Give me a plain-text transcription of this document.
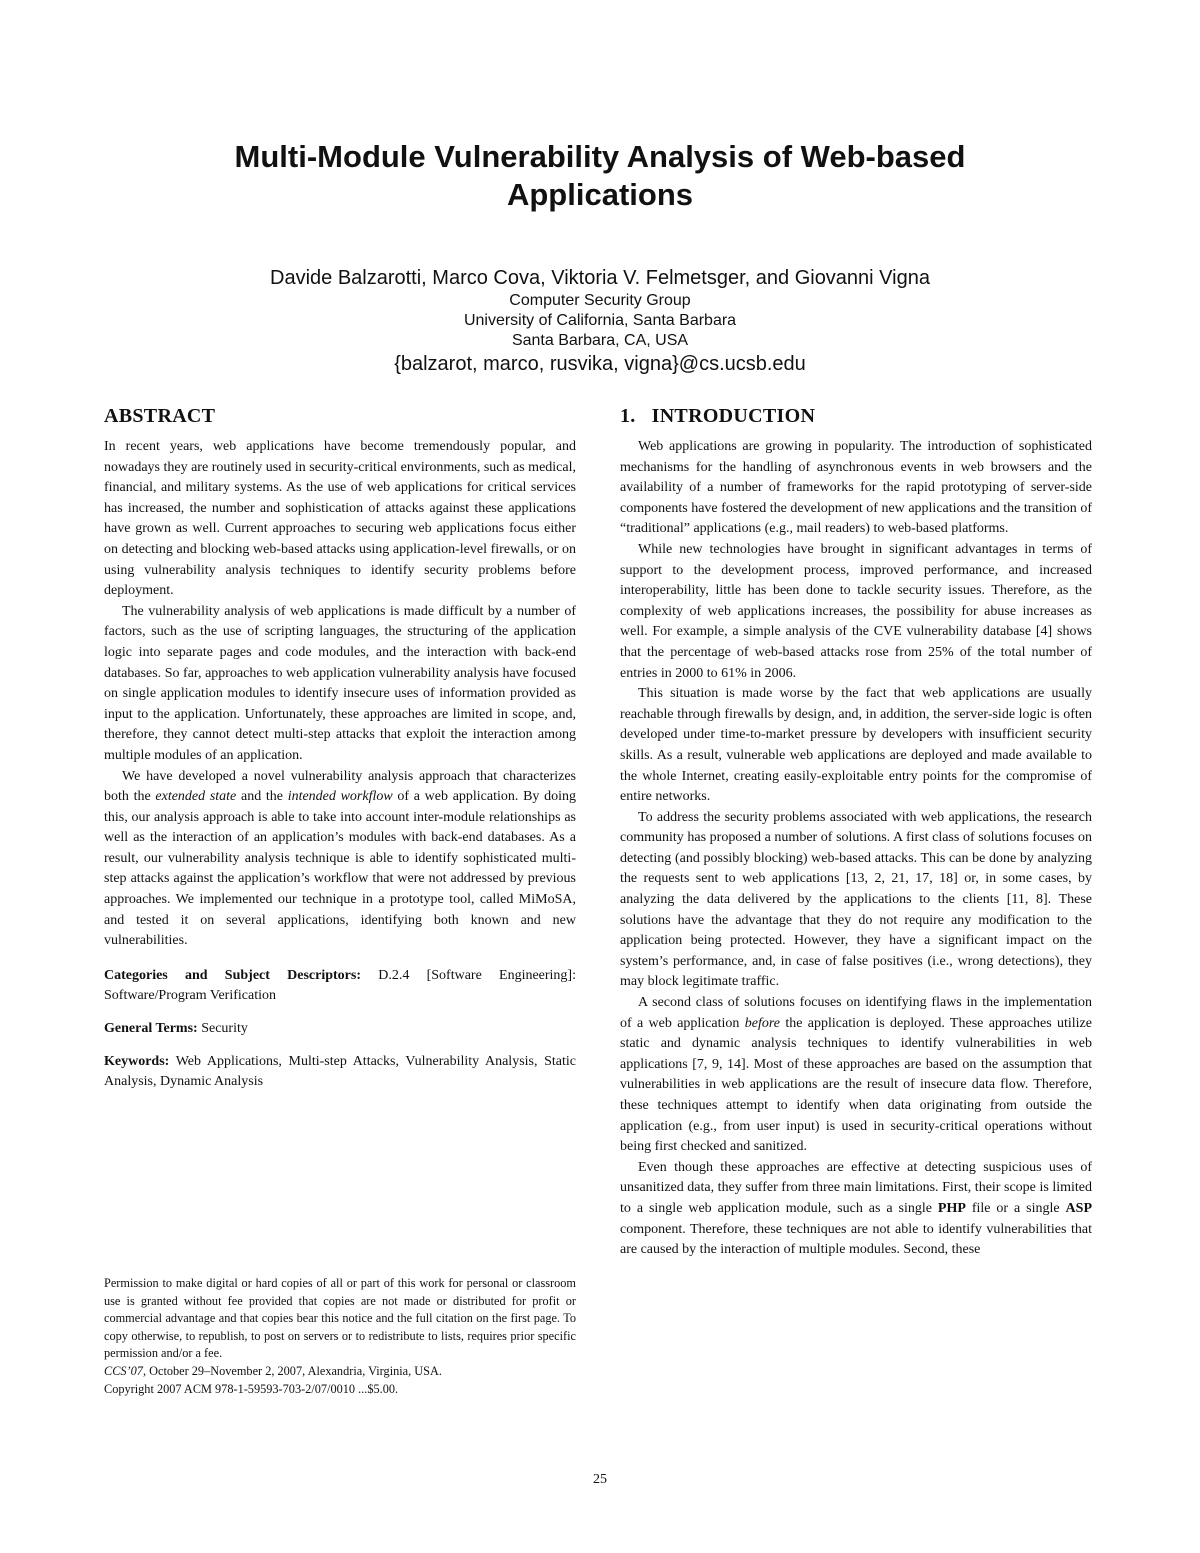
Multi-Module Vulnerability Analysis of Web-based
Applications
Davide Balzarotti, Marco Cova, Viktoria V. Felmetsger, and Giovanni Vigna
Computer Security Group
University of California, Santa Barbara
Santa Barbara, CA, USA
{balzarot, marco, rusvika, vigna}@cs.ucsb.edu
ABSTRACT

In recent years, web applications have become tremendously popular, and nowadays they are routinely used in security-critical environments, such as medical, financial, and military systems. As the use of web applications for critical services has increased, the number and sophistication of attacks against these applications have grown as well. Current approaches to securing web applications focus either on detecting and blocking web-based attacks using application-level firewalls, or on using vulnerability analysis techniques to identify security problems before deployment.

The vulnerability analysis of web applications is made difficult by a number of factors, such as the use of scripting languages, the structuring of the application logic into separate pages and code modules, and the interaction with back-end databases. So far, approaches to web application vulnerability analysis have focused on single application modules to identify insecure uses of information provided as input to the application. Unfortunately, these approaches are limited in scope, and, therefore, they cannot detect multi-step attacks that exploit the interaction among multiple modules of an application.

We have developed a novel vulnerability analysis approach that characterizes both the extended state and the intended workflow of a web application. By doing this, our analysis approach is able to take into account inter-module relationships as well as the interaction of an application’s modules with back-end databases. As a result, our vulnerability analysis technique is able to identify sophisticated multi-step attacks against the application’s workflow that were not addressed by previous approaches. We implemented our technique in a prototype tool, called MiMoSA, and tested it on several applications, identifying both known and new vulnerabilities.

Categories and Subject Descriptors: D.2.4 [Software Engineering]: Software/Program Verification

General Terms: Security

Keywords: Web Applications, Multi-step Attacks, Vulnerability Analysis, Static Analysis, Dynamic Analysis

Permission to make digital or hard copies of all or part of this work for personal or classroom use is granted without fee provided that copies are not made or distributed for profit or commercial advantage and that copies bear this notice and the full citation on the first page. To copy otherwise, to republish, to post on servers or to redistribute to lists, requires prior specific permission and/or a fee.

CCS’07, October 29–November 2, 2007, Alexandria, Virginia, USA.

Copyright 2007 ACM 978-1-59593-703-2/07/0010 ...$5.00.

1. INTRODUCTION

Web applications are growing in popularity. The introduction of sophisticated mechanisms for the handling of asynchronous events in web browsers and the availability of a number of frameworks for the rapid prototyping of server-side components have fostered the development of new applications and the transition of “traditional” applications (e.g., mail readers) to web-based platforms.

While new technologies have brought in significant advantages in terms of support to the development process, improved performance, and increased interoperability, little has been done to tackle security issues. Therefore, as the complexity of web applications increases, the possibility for abuse increases as well. For example, a simple analysis of the CVE vulnerability database [4] shows that the percentage of web-based attacks rose from 25% of the total number of entries in 2000 to 61% in 2006.

This situation is made worse by the fact that web applications are usually reachable through firewalls by design, and, in addition, the server-side logic is often developed under time-to-market pressure by developers with insufficient security skills. As a result, vulnerable web applications are deployed and made available to the whole Internet, creating easily-exploitable entry points for the compromise of entire networks.

To address the security problems associated with web applications, the research community has proposed a number of solutions. A first class of solutions focuses on detecting (and possibly blocking) web-based attacks. This can be done by analyzing the requests sent to web applications [13, 2, 21, 17, 18] or, in some cases, by analyzing the data delivered by the applications to the clients [11, 8]. These solutions have the advantage that they do not require any modification to the application being protected. However, they have a significant impact on the system’s performance, and, in case of false positives (i.e., wrong detections), they may block legitimate traffic.

A second class of solutions focuses on identifying flaws in the implementation of a web application before the application is deployed. These approaches utilize static and dynamic analysis techniques to identify vulnerabilities in web applications [7, 9, 14]. Most of these approaches are based on the assumption that vulnerabilities in web applications are the result of insecure data flow. Therefore, these techniques attempt to identify when data originating from outside the application (e.g., from user input) is used in security-critical operations without being first checked and sanitized.

Even though these approaches are effective at detecting suspicious uses of unsanitized data, they suffer from three main limitations. First, their scope is limited to a single web application module, such as a single PHP file or a single ASP component. Therefore, these techniques are not able to identify vulnerabilities that are caused by the interaction of multiple modules. Second, these

25
